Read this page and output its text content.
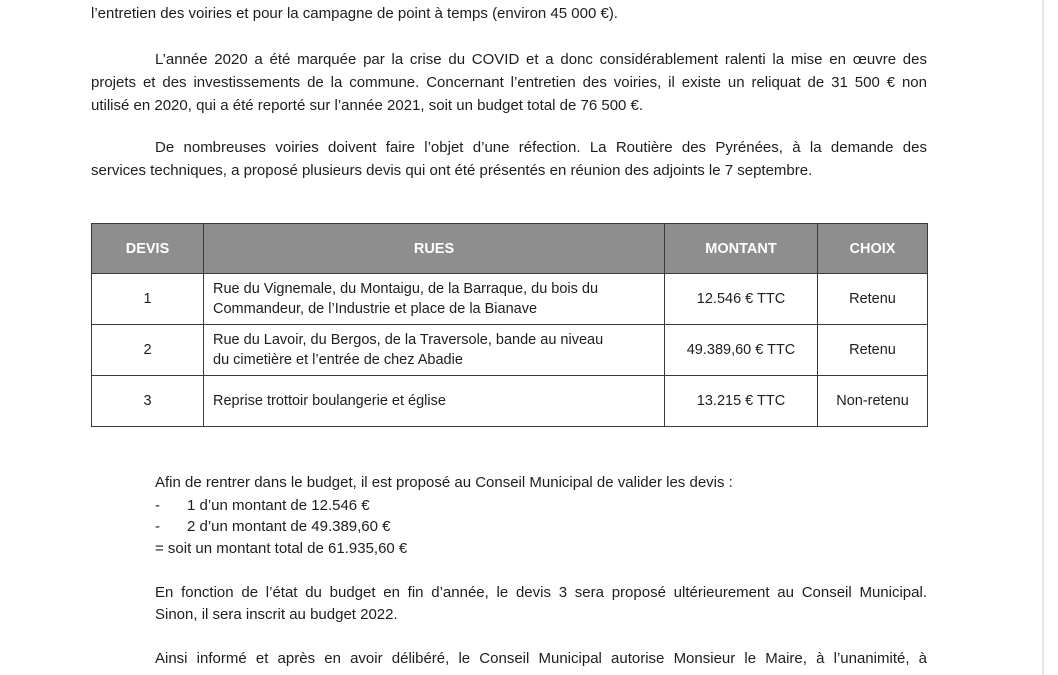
l’entretien des voiries et pour la campagne de point à temps (environ 45 000 €).
L’année 2020 a été marquée par la crise du COVID et a donc considérablement ralenti la mise en œuvre des
projets et des investissements de la commune. Concernant l’entretien des voiries, il existe un reliquat de 31 500 € non
utilisé en 2020, qui a été reporté sur l’année 2021, soit un budget total de 76 500 €.
De nombreuses voiries doivent faire l’objet d’une réfection. La Routière des Pyrénées, à la demande des
services techniques, a proposé plusieurs devis qui ont été présentés en réunion des adjoints le 7 septembre.
DEVIS	RUES	MONTANT	CHOIX
1	Rue du Vignemale, du Montaigu, de la Barraque, du bois du
Commandeur, de l’Industrie et place de la Bianave	12.546 € TTC	Retenu
2	Rue du Lavoir, du Bergos, de la Traversole, bande au niveau
du cimetière et l’entrée de chez Abadie	49.389,60 € TTC	Retenu
3	Reprise trottoir boulangerie et église	13.215 € TTC	Non-retenu
Afin de rentrer dans le budget, il est proposé au Conseil Municipal de valider les devis :
- 1 d’un montant de 12.546 €
- 2 d’un montant de 49.389,60 €
= soit un montant total de 61.935,60 €
En fonction de l’état du budget en fin d’année, le devis 3 sera proposé ultérieurement au Conseil Municipal.
Sinon, il sera inscrit au budget 2022.
Ainsi informé et après en avoir délibéré, le Conseil Municipal autorise Monsieur le Maire, à l’unanimité, à
